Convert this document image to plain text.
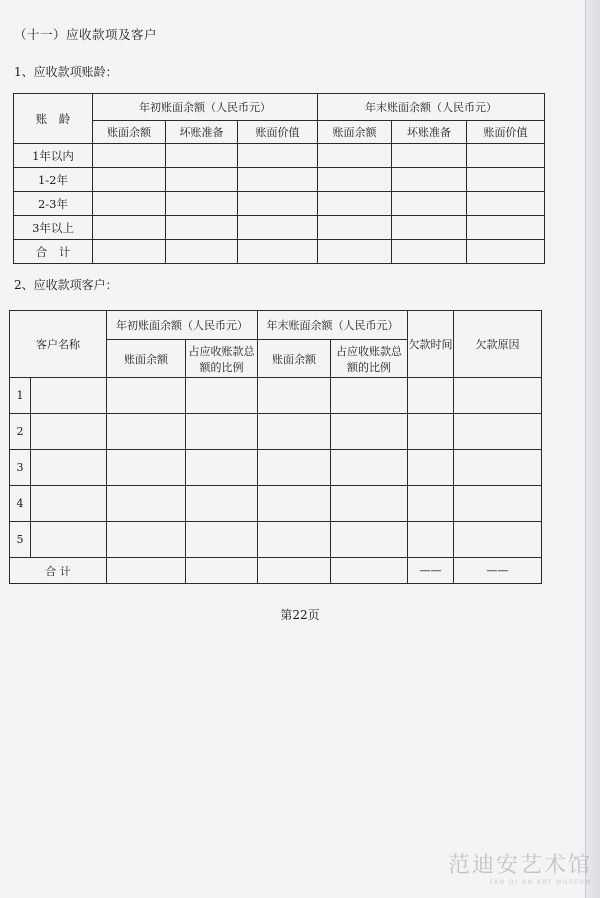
（十一）应收款项及客户
1、应收款项账龄：
账　龄	年初账面余额（人民币元）			年末账面余额（人民币元）		
	账面余额	坏账准备	账面价值	账面余额	坏账准备	账面价值
1年以内						
1-2年						
2-3年						
3年以上						
合　计						
2、应收款项客户：
客户名称		年初账面余额（人民币元）		年末账面余额（人民币元）		欠款时间	欠款原因
		账面余额	占应收账款总额的比例	账面余额	占应收账款总额的比例		
1							
2							
3							
4							
5							
合 计						——	——
第22页
范迪安艺术馆
FAN DI AN ART MUSEUM
